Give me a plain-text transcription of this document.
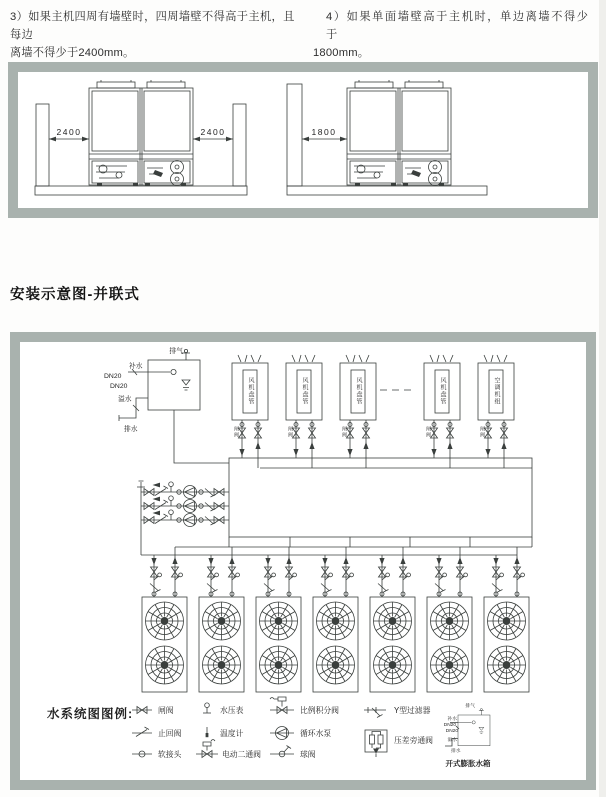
3）如果主机四周有墙壁时，四周墙壁不得高于主机，且每边
离墙不得少于2400mm。
4）如果单面墙壁高于主机时，单边离墙不得少于
1800mm。
2400	2400	1800
安装示意图-并联式
排气
补水
DN20
DN20
溢水
排水
风机盘管	风机盘管	风机盘管	风机盘管	空调机组
闸阀	闸阀	闸阀	闸阀	闸阀
水系统图图例:	闸阀	水压表	比例积分阀	Y型过滤器
止回阀	温度计	循环水泵
压差旁通阀
软接头	电动二通阀	球阀
排气
补水
DN20
DN20
溢水
排水
开式膨胀水箱
